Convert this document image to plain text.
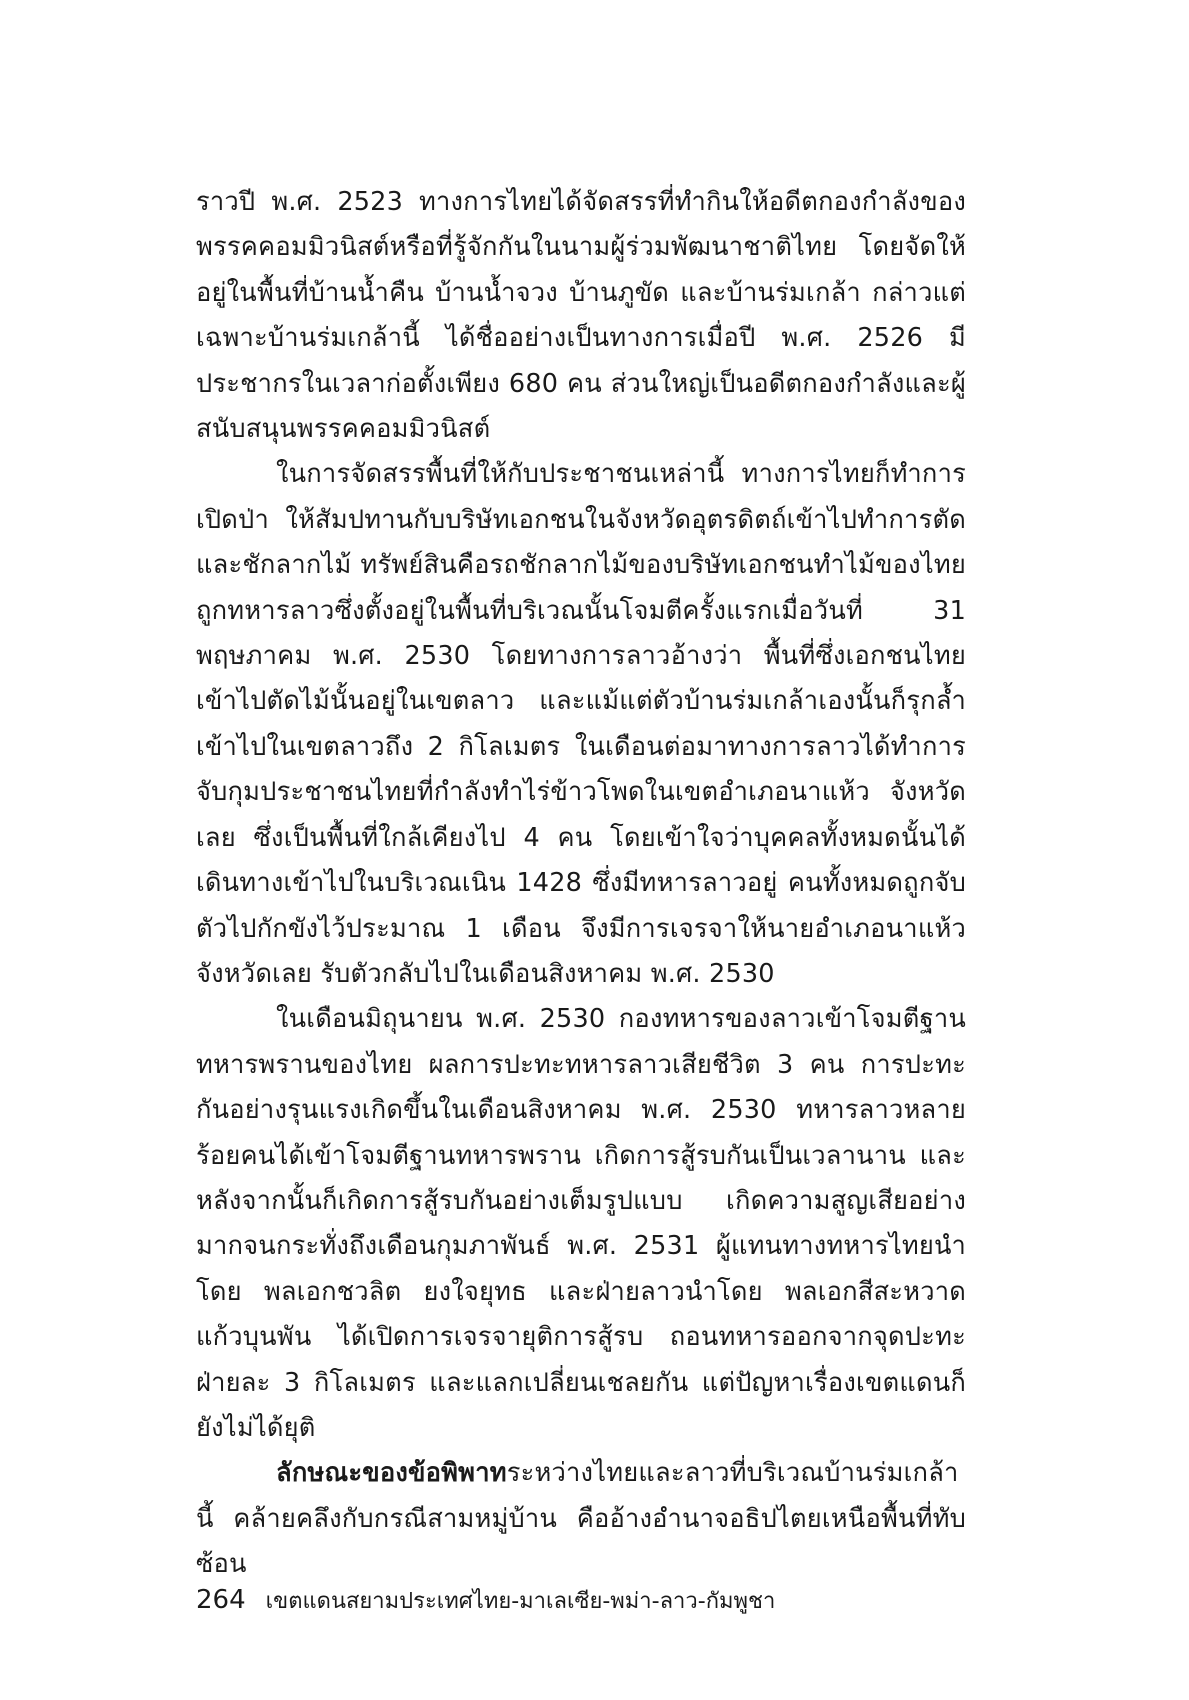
ราวปี พ.ศ. 2523 ทางการไทยได้จัดสรรที่ทำกินให้อดีตกองกำลังของพรรคคอมมิวนิสต์หรือที่รู้จักกันในนามผู้ร่วมพัฒนาชาติไทย โดยจัดให้อยู่ในพื้นที่บ้านน้ำคืน บ้านน้ำจวง บ้านภูขัด และบ้านร่มเกล้า กล่าวแต่เฉพาะบ้านร่มเกล้านี้ ได้ชื่ออย่างเป็นทางการเมื่อปี พ.ศ. 2526 มีประชากรในเวลาก่อตั้งเพียง 680 คน ส่วนใหญ่เป็นอดีตกองกำลังและผู้สนับสนุนพรรคคอมมิวนิสต์

ในการจัดสรรพื้นที่ให้กับประชาชนเหล่านี้ ทางการไทยก็ทำการเปิดป่า ให้สัมปทานกับบริษัทเอกชนในจังหวัดอุตรดิตถ์เข้าไปทำการตัดและชักลากไม้ ทรัพย์สินคือรถชักลากไม้ของบริษัทเอกชนทำไม้ของไทยถูกทหารลาวซึ่งตั้งอยู่ในพื้นที่บริเวณนั้นโจมตีครั้งแรกเมื่อวันที่ 31 พฤษภาคม พ.ศ. 2530 โดยทางการลาวอ้างว่า พื้นที่ซึ่งเอกชนไทยเข้าไปตัดไม้นั้นอยู่ในเขตลาว และแม้แต่ตัวบ้านร่มเกล้าเองนั้นก็รุกล้ำเข้าไปในเขตลาวถึง 2 กิโลเมตร ในเดือนต่อมาทางการลาวได้ทำการจับกุมประชาชนไทยที่กำลังทำไร่ข้าวโพดในเขตอำเภอนาแห้ว จังหวัดเลย ซึ่งเป็นพื้นที่ใกล้เคียงไป 4 คน โดยเข้าใจว่าบุคคลทั้งหมดนั้นได้เดินทางเข้าไปในบริเวณเนิน 1428 ซึ่งมีทหารลาวอยู่ คนทั้งหมดถูกจับตัวไปกักขังไว้ประมาณ 1 เดือน จึงมีการเจรจาให้นายอำเภอนาแห้ว จังหวัดเลย รับตัวกลับไปในเดือนสิงหาคม พ.ศ. 2530

ในเดือนมิถุนายน พ.ศ. 2530 กองทหารของลาวเข้าโจมตีฐานทหารพรานของไทย ผลการปะทะทหารลาวเสียชีวิต 3 คน การปะทะกันอย่างรุนแรงเกิดขึ้นในเดือนสิงหาคม พ.ศ. 2530 ทหารลาวหลายร้อยคนได้เข้าโจมตีฐานทหารพราน เกิดการสู้รบกันเป็นเวลานาน และหลังจากนั้นก็เกิดการสู้รบกันอย่างเต็มรูปแบบ เกิดความสูญเสียอย่างมากจนกระทั่งถึงเดือนกุมภาพันธ์ พ.ศ. 2531 ผู้แทนทางทหารไทยนำโดย พลเอกชวลิต ยงใจยุทธ และฝ่ายลาวนำโดย พลเอกสีสะหวาด แก้วบุนพัน ได้เปิดการเจรจายุติการสู้รบ ถอนทหารออกจากจุดปะทะฝ่ายละ 3 กิโลเมตร และแลกเปลี่ยนเชลยกัน แต่ปัญหาเรื่องเขตแดนก็ยังไม่ได้ยุติ

ลักษณะของข้อพิพาทระหว่างไทยและลาวที่บริเวณบ้านร่มเกล้านี้ คล้ายคลึงกับกรณีสามหมู่บ้าน คืออ้างอำนาจอธิปไตยเหนือพื้นที่ทับซ้อน

264 เขตแดนสยามประเทศไทย-มาเลเซีย-พม่า-ลาว-กัมพูชา
